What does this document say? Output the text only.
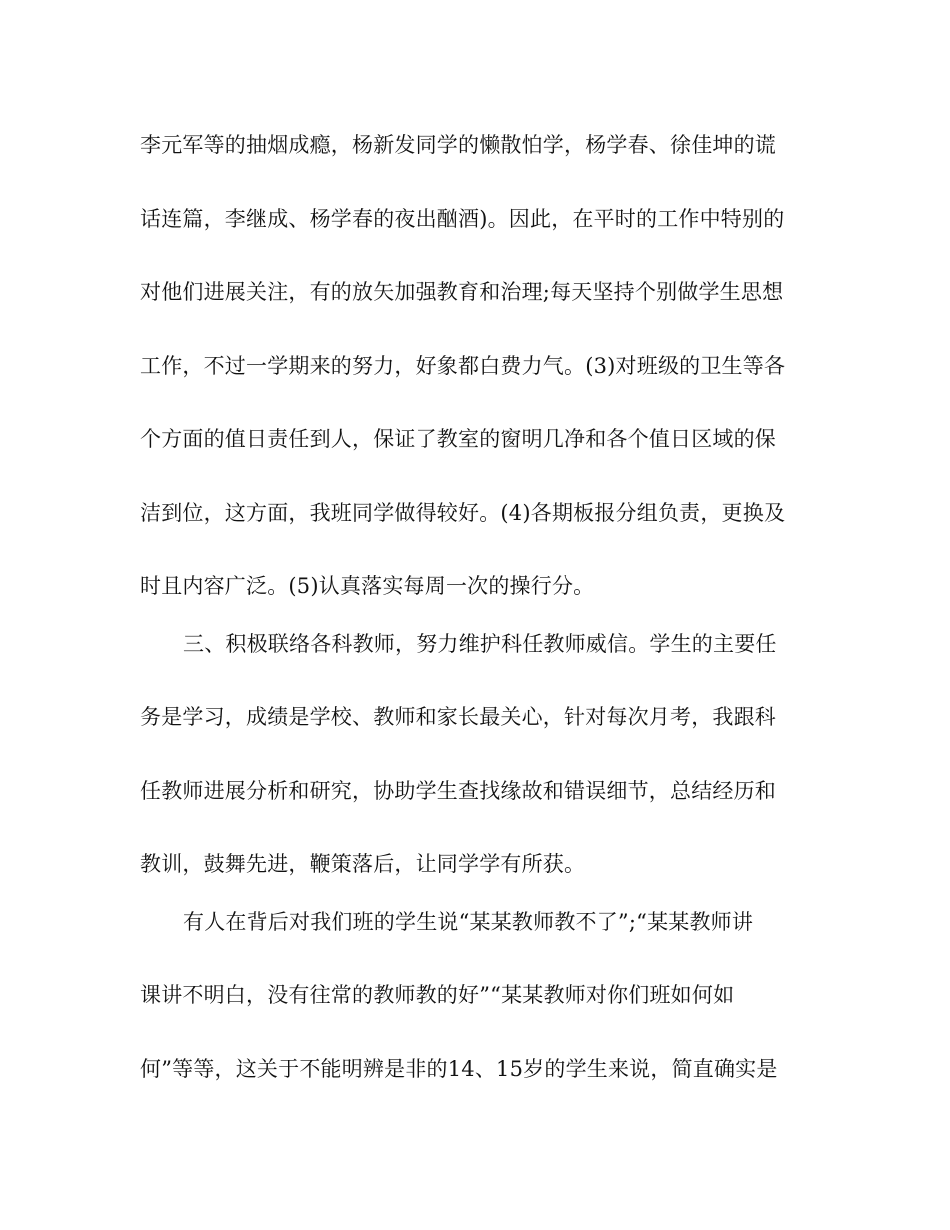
李元军等的抽烟成瘾，杨新发同学的懒散怕学，杨学春、徐佳坤的谎
话连篇，李继成、杨学春的夜出酗酒)。因此，在平时的工作中特别的
对他们进展关注，有的放矢加强教育和治理;每天坚持个别做学生思想
工作，不过一学期来的努力，好象都白费力气。(3)对班级的卫生等各
个方面的值日责任到人，保证了教室的窗明几净和各个值日区域的保
洁到位，这方面，我班同学做得较好。(4)各期板报分组负责，更换及
时且内容广泛。(5)认真落实每周一次的操行分。
三、积极联络各科教师，努力维护科任教师威信。学生的主要任
务是学习，成绩是学校、教师和家长最关心，针对每次月考，我跟科
任教师进展分析和研究，协助学生查找缘故和错误细节，总结经历和
教训，鼓舞先进，鞭策落后，让同学学有所获。
有人在背后对我们班的学生说“某某教师教不了”;“某某教师讲
课讲不明白，没有往常的教师教的好”“某某教师对你们班如何如
何”等等，这关于不能明辨是非的14、15岁的学生来说，简直确实是
